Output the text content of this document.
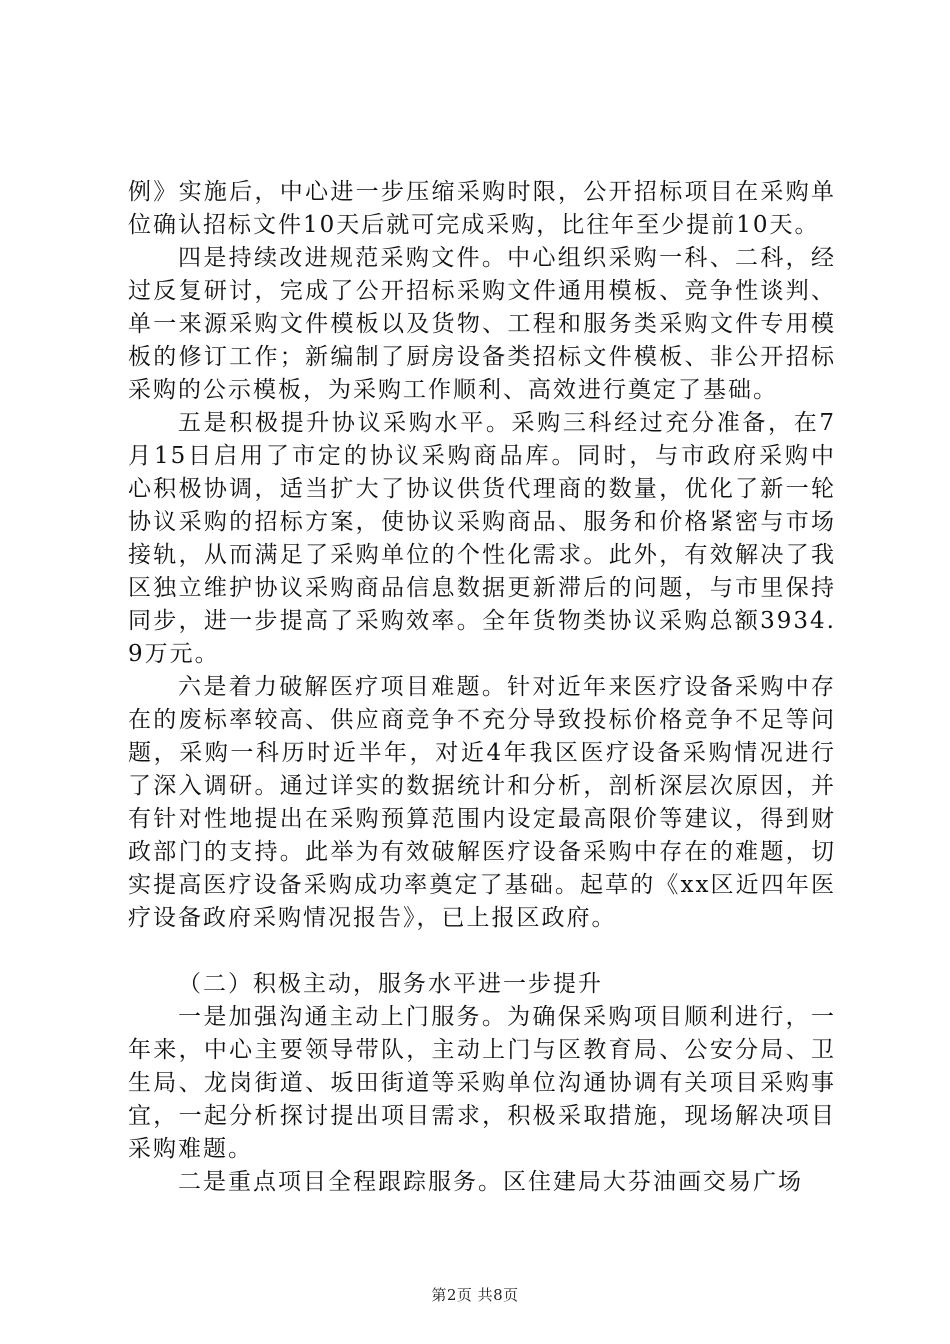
例》实施后，中心进一步压缩采购时限，公开招标项目在采购单位确认招标文件10天后就可完成采购，比往年至少提前10天。

四是持续改进规范采购文件。中心组织采购一科、二科，经过反复研讨，完成了公开招标采购文件通用模板、竞争性谈判、单一来源采购文件模板以及货物、工程和服务类采购文件专用模板的修订工作；新编制了厨房设备类招标文件模板、非公开招标采购的公示模板，为采购工作顺利、高效进行奠定了基础。

五是积极提升协议采购水平。采购三科经过充分准备，在7月15日启用了市定的协议采购商品库。同时，与市政府采购中心积极协调，适当扩大了协议供货代理商的数量，优化了新一轮协议采购的招标方案，使协议采购商品、服务和价格紧密与市场接轨，从而满足了采购单位的个性化需求。此外，有效解决了我区独立维护协议采购商品信息数据更新滞后的问题，与市里保持同步，进一步提高了采购效率。全年货物类协议采购总额3934.9万元。

六是着力破解医疗项目难题。针对近年来医疗设备采购中存在的废标率较高、供应商竞争不充分导致投标价格竞争不足等问题，采购一科历时近半年，对近4年我区医疗设备采购情况进行了深入调研。通过详实的数据统计和分析，剖析深层次原因，并有针对性地提出在采购预算范围内设定最高限价等建议，得到财政部门的支持。此举为有效破解医疗设备采购中存在的难题，切实提高医疗设备采购成功率奠定了基础。起草的《xx区近四年医疗设备政府采购情况报告》，已上报区政府。

（二）积极主动，服务水平进一步提升

一是加强沟通主动上门服务。为确保采购项目顺利进行，一年来，中心主要领导带队，主动上门与区教育局、公安分局、卫生局、龙岗街道、坂田街道等采购单位沟通协调有关项目采购事宜，一起分析探讨提出项目需求，积极采取措施，现场解决项目采购难题。

二是重点项目全程跟踪服务。区住建局大芬油画交易广场

第2页 共8页
